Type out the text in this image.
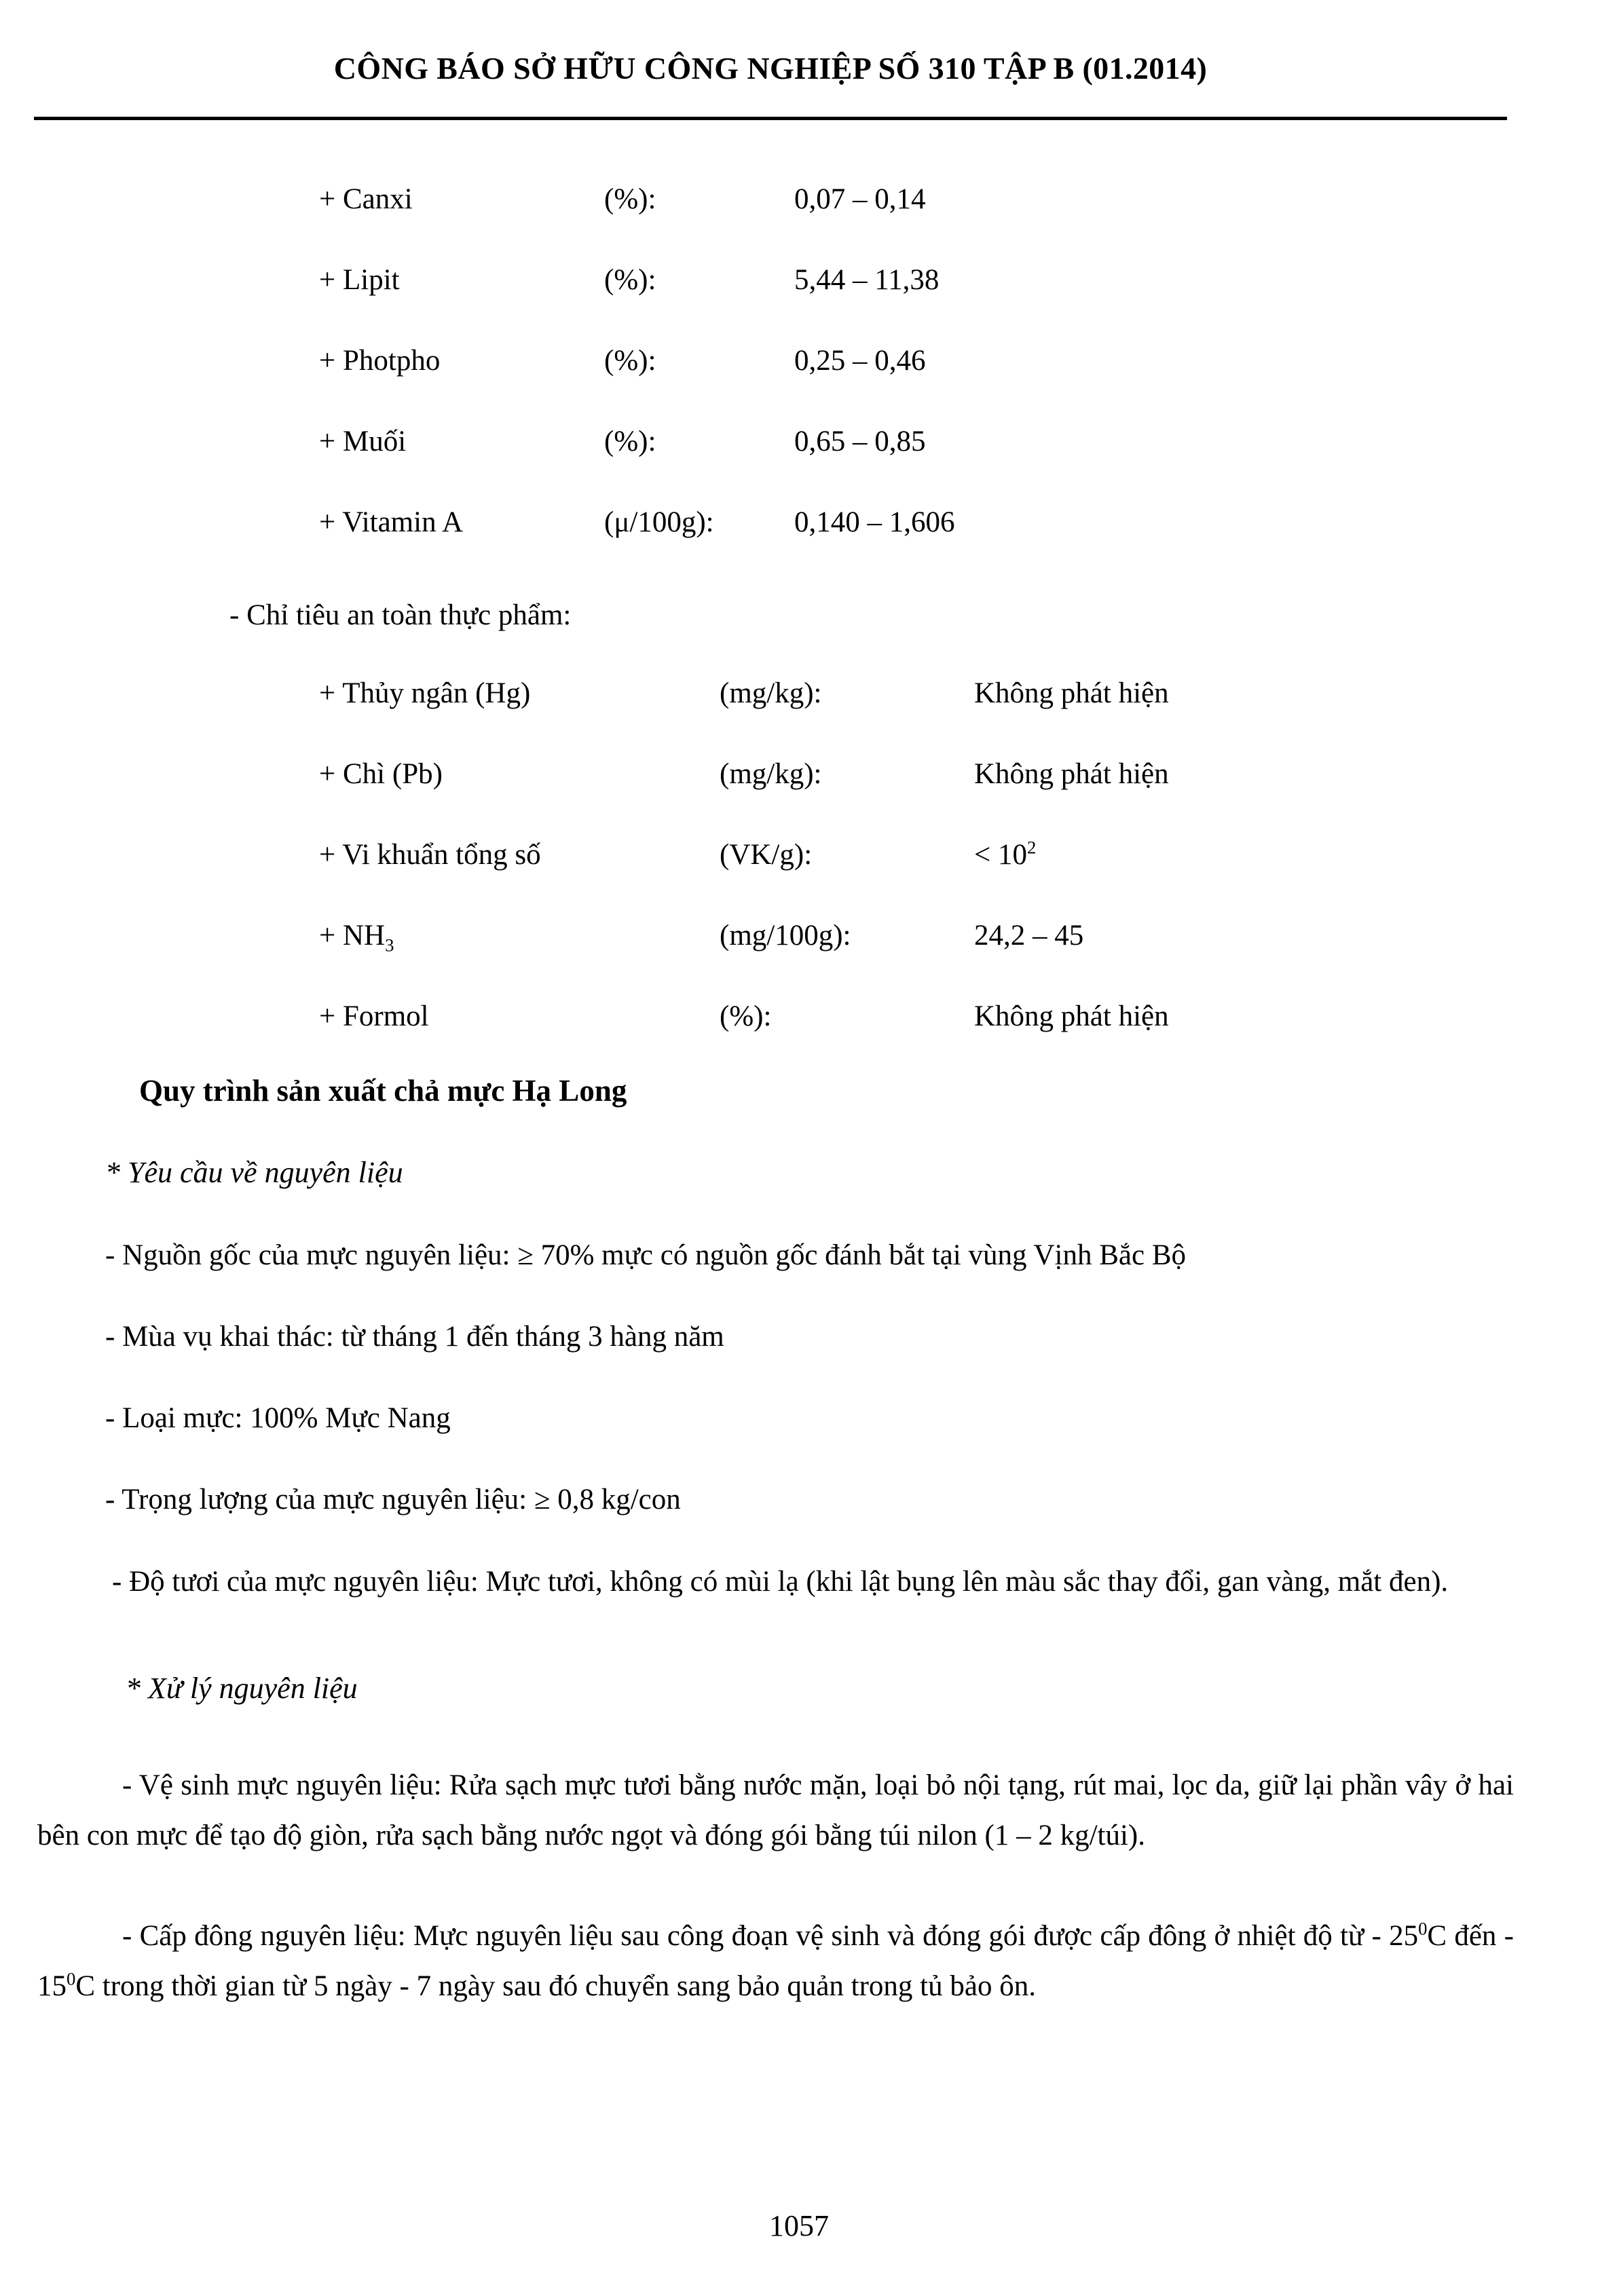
CÔNG BÁO SỞ HỮU CÔNG NGHIỆP SỐ 310 TẬP B (01.2014)
+ Canxi	(%):	0,07 – 0,14
+ Lipit	(%):	5,44 – 11,38
+ Photpho	(%):	0,25 – 0,46
+ Muối	(%):	0,65 – 0,85
+ Vitamin A	(μ/100g):	0,140 – 1,606
- Chỉ tiêu an toàn thực phẩm:
+ Thủy ngân (Hg)	(mg/kg):	Không phát hiện
+ Chì (Pb)	(mg/kg):	Không phát hiện
+ Vi khuẩn tổng số	(VK/g):	< $10^2$
+ $NH_3$	(mg/100g):	24,2 – 45
+ Formol	(%):	Không phát hiện
Quy trình sản xuất chả mực Hạ Long
* Yêu cầu về nguyên liệu
- Nguồn gốc của mực nguyên liệu: ≥ 70% mực có nguồn gốc đánh bắt tại vùng Vịnh Bắc Bộ
- Mùa vụ khai thác: từ tháng 1 đến tháng 3 hàng năm
- Loại mực: 100% Mực Nang
- Trọng lượng của mực nguyên liệu: ≥ 0,8 kg/con
- Độ tươi của mực nguyên liệu: Mực tươi, không có mùi lạ (khi lật bụng lên màu sắc thay đổi, gan vàng, mắt đen).
* Xử lý nguyên liệu
- Vệ sinh mực nguyên liệu: Rửa sạch mực tươi bằng nước mặn, loại bỏ nội tạng, rút mai, lọc da, giữ lại phần vây ở hai bên con mực để tạo độ giòn, rửa sạch bằng nước ngọt và đóng gói bằng túi nilon (1 – 2 kg/túi).
- Cấp đông nguyên liệu: Mực nguyên liệu sau công đoạn vệ sinh và đóng gói được cấp đông ở nhiệt độ từ - $25^0C$ đến - $15^0C$ trong thời gian từ 5 ngày - 7 ngày sau đó chuyển sang bảo quản trong tủ bảo ôn.
1057
